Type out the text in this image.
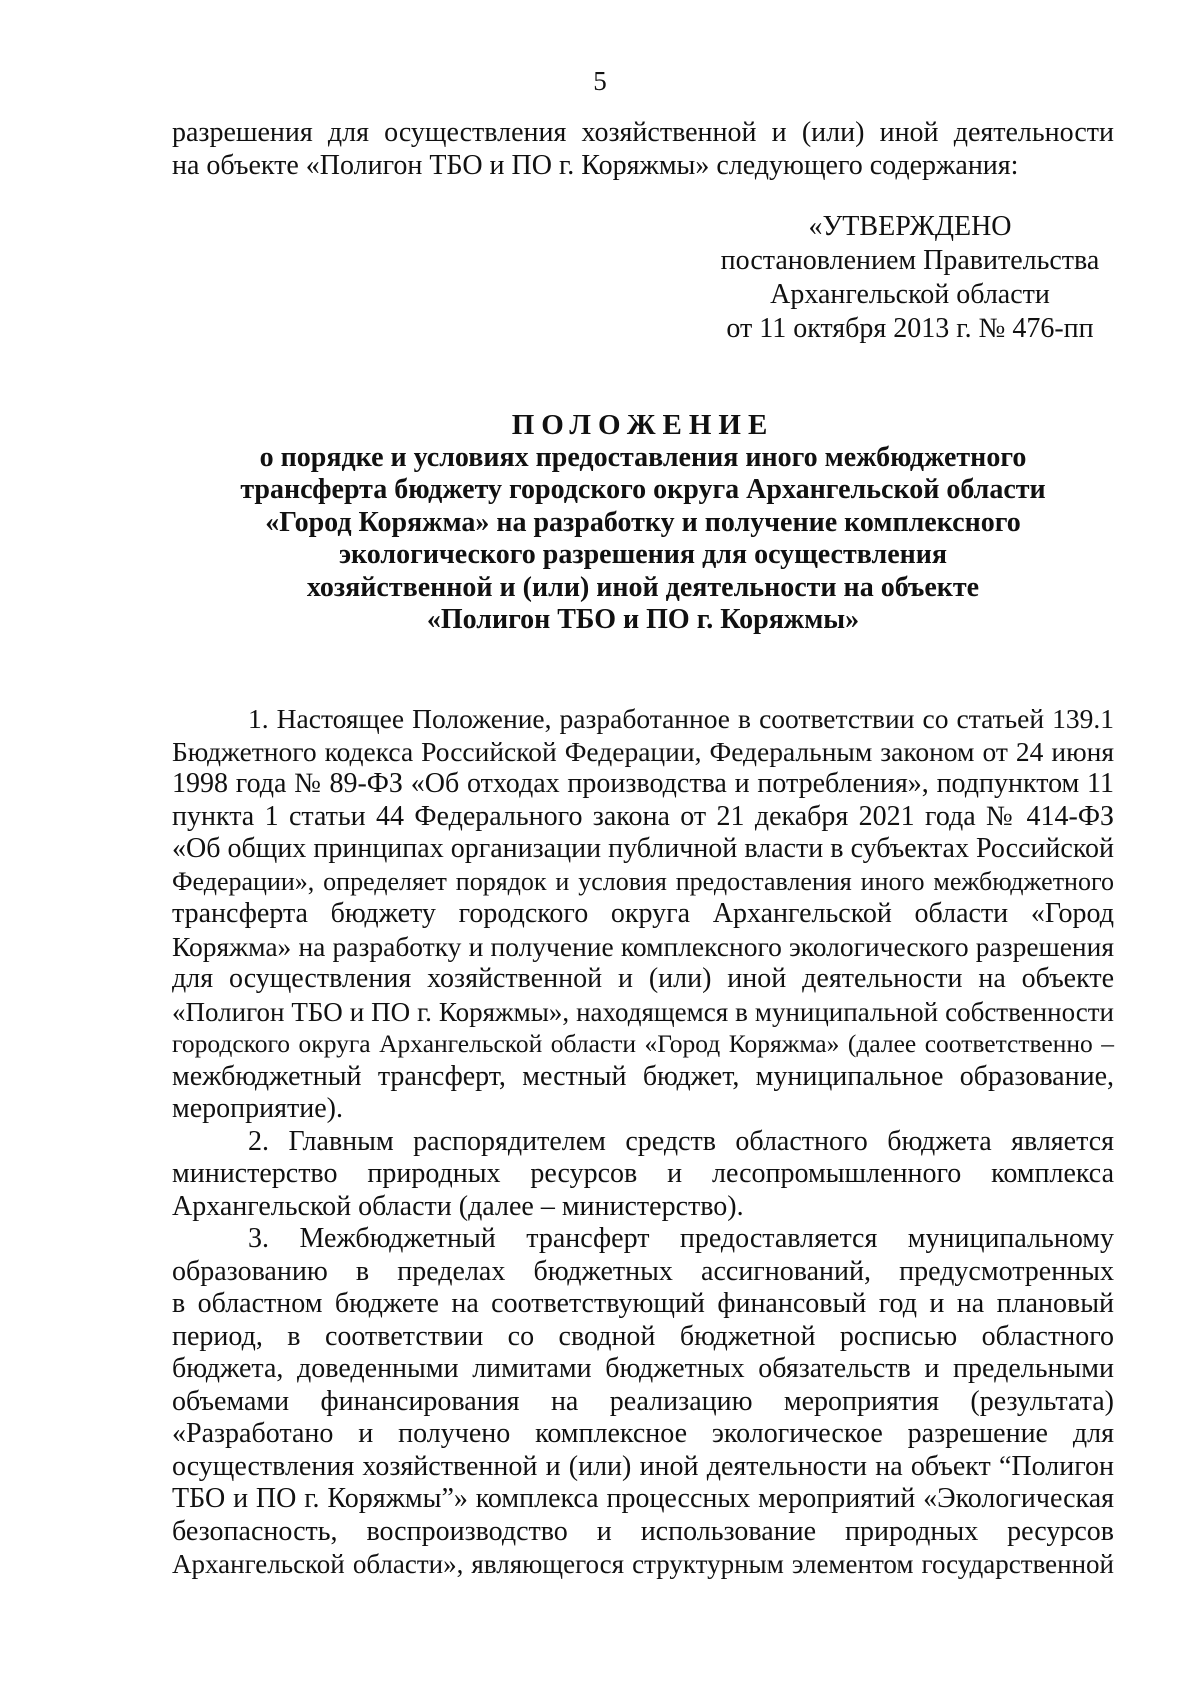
5
разрешения для осуществления хозяйственной и (или) иной деятельности
на объекте «Полигон ТБО и ПО г. Коряжмы» следующего содержания:
«УТВЕРЖДЕНО
постановлением Правительства
Архангельской области
от 11 октября 2013 г. № 476-пп
ПОЛОЖЕНИЕ
о порядке и условиях предоставления иного межбюджетного
трансферта бюджету городского округа Архангельской области
«Город Коряжма» на разработку и получение комплексного
экологического разрешения для осуществления
хозяйственной и (или) иной деятельности на объекте
«Полигон ТБО и ПО г. Коряжмы»
1. Настоящее Положение, разработанное в соответствии со статьей 139.1
Бюджетного кодекса Российской Федерации, Федеральным законом от 24 июня
1998 года № 89-ФЗ «Об отходах производства и потребления», подпунктом 11
пункта 1 статьи 44 Федерального закона от 21 декабря 2021 года № 414-ФЗ
«Об общих принципах организации публичной власти в субъектах Российской
Федерации», определяет порядок и условия предоставления иного межбюджетного
трансферта бюджету городского округа Архангельской области «Город
Коряжма» на разработку и получение комплексного экологического разрешения
для осуществления хозяйственной и (или) иной деятельности на объекте
«Полигон ТБО и ПО г. Коряжмы», находящемся в муниципальной собственности
городского округа Архангельской области «Город Коряжма» (далее соответственно –
межбюджетный трансферт, местный бюджет, муниципальное образование,
мероприятие).
2. Главным распорядителем средств областного бюджета является
министерство природных ресурсов и лесопромышленного комплекса
Архангельской области (далее – министерство).
3. Межбюджетный трансферт предоставляется муниципальному
образованию в пределах бюджетных ассигнований, предусмотренных
в областном бюджете на соответствующий финансовый год и на плановый
период, в соответствии со сводной бюджетной росписью областного
бюджета, доведенными лимитами бюджетных обязательств и предельными
объемами финансирования на реализацию мероприятия (результата)
«Разработано и получено комплексное экологическое разрешение для
осуществления хозяйственной и (или) иной деятельности на объект “Полигон
ТБО и ПО г. Коряжмы”» комплекса процессных мероприятий «Экологическая
безопасность, воспроизводство и использование природных ресурсов
Архангельской области», являющегося структурным элементом государственной
